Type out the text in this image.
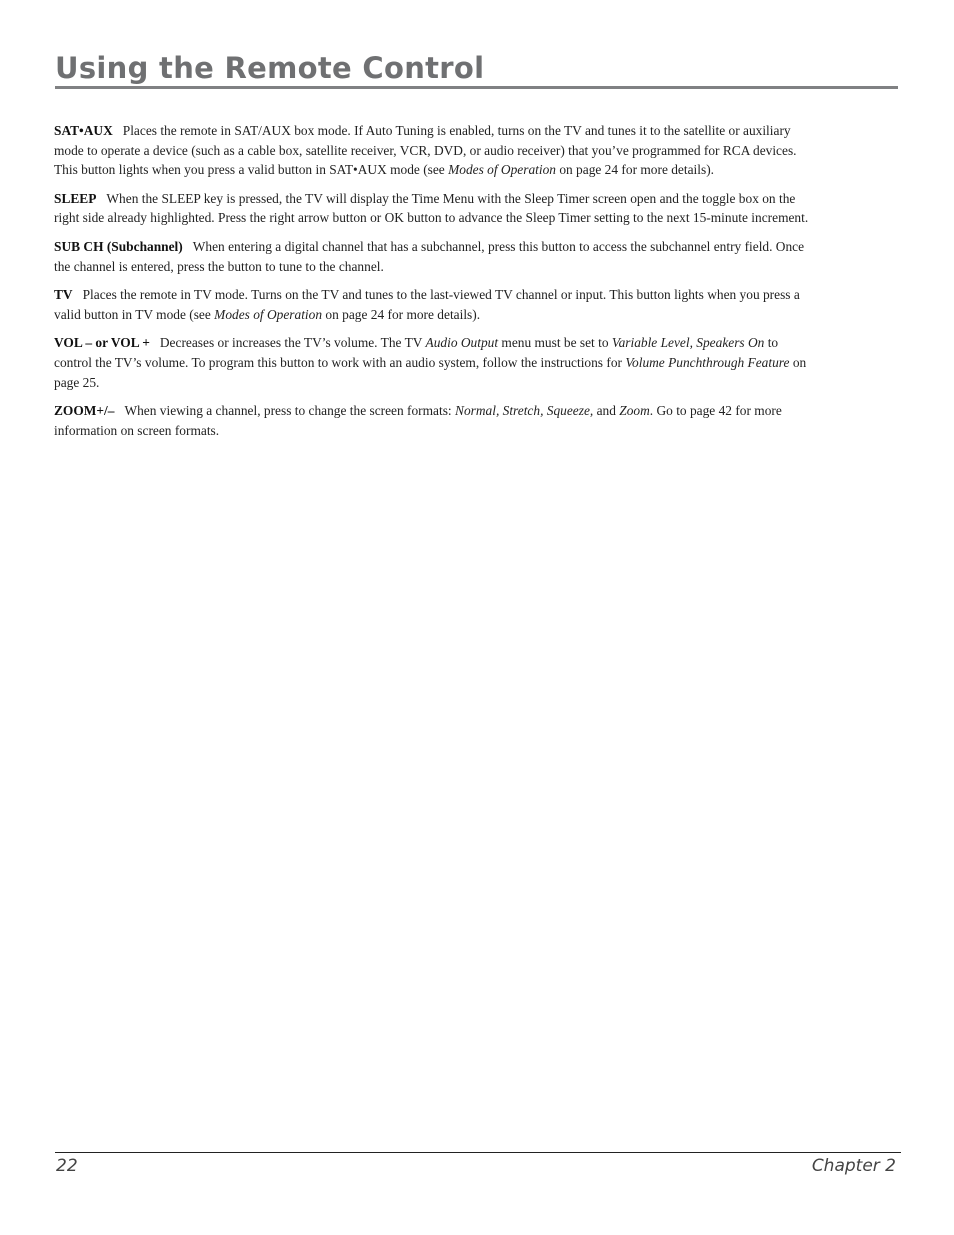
Using the Remote Control

SAT•AUX Places the remote in SAT/AUX box mode. If Auto Tuning is enabled, turns on the TV and tunes it to the satellite or auxiliary mode to operate a device (such as a cable box, satellite receiver, VCR, DVD, or audio receiver) that you’ve programmed for RCA devices. This button lights when you press a valid button in SAT•AUX mode (see Modes of Operation on page 24 for more details).

SLEEP When the SLEEP key is pressed, the TV will display the Time Menu with the Sleep Timer screen open and the toggle box on the right side already highlighted. Press the right arrow button or OK button to advance the Sleep Timer setting to the next 15-minute increment.

SUB CH (Subchannel) When entering a digital channel that has a subchannel, press this button to access the subchannel entry field. Once the channel is entered, press the button to tune to the channel.

TV Places the remote in TV mode. Turns on the TV and tunes to the last-viewed TV channel or input. This button lights when you press a valid button in TV mode (see Modes of Operation on page 24 for more details).

VOL – or VOL + Decreases or increases the TV’s volume. The TV Audio Output menu must be set to Variable Level, Speakers On to control the TV’s volume. To program this button to work with an audio system, follow the instructions for Volume Punchthrough Feature on page 25.

ZOOM+/– When viewing a channel, press to change the screen formats: Normal, Stretch, Squeeze, and Zoom. Go to page 42 for more information on screen formats.

22	Chapter 2
